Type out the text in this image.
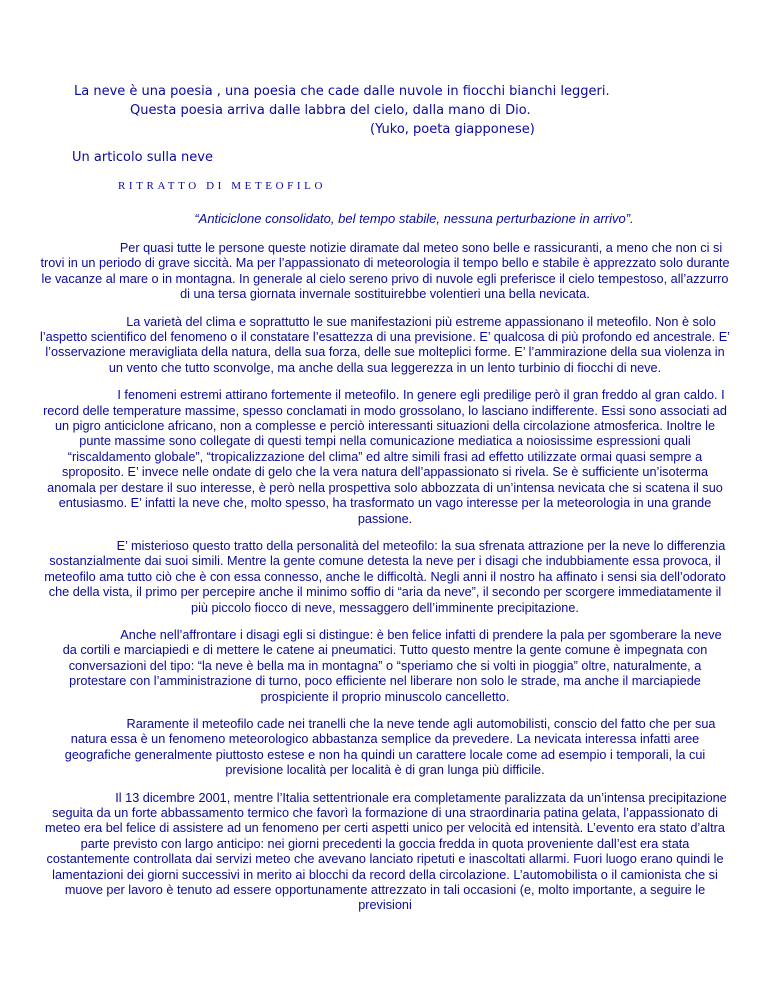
La neve è una poesia , una poesia che cade dalle nuvole in fiocchi bianchi leggeri.
Questa poesia arriva dalle labbra del cielo, dalla mano di Dio.
(Yuko, poeta giapponese)
Un articolo sulla neve
RITRATTO DI METEOFILO
“Anticiclone consolidato, bel tempo stabile, nessuna perturbazione in arrivo”.

Per quasi tutte le persone queste notizie diramate dal meteo sono belle e rassicuranti, a meno che non ci si trovi in un periodo di grave siccità. Ma per l’appassionato di meteorologia il tempo bello e stabile è apprezzato solo durante le vacanze al mare o in montagna. In generale al cielo sereno privo di nuvole egli preferisce il cielo tempestoso, all’azzurro di una tersa giornata invernale sostituirebbe volentieri una bella nevicata.

La varietà del clima e soprattutto le sue manifestazioni più estreme appassionano il meteofilo. Non è solo l’aspetto scientifico del fenomeno o il constatare l’esattezza di una previsione. E’ qualcosa di più profondo ed ancestrale. E’ l’osservazione meravigliata della natura, della sua forza, delle sue molteplici forme. E’ l’ammirazione della sua violenza in un vento che tutto sconvolge, ma anche della sua leggerezza in un lento turbinio di fiocchi di neve.

I fenomeni estremi attirano fortemente il meteofilo. In genere egli predilige però il gran freddo al gran caldo. I record delle temperature massime, spesso conclamati in modo grossolano, lo lasciano indifferente. Essi sono associati ad un pigro anticiclone africano, non a complesse e perciò interessanti situazioni della circolazione atmosferica. Inoltre le punte massime sono collegate di questi tempi nella comunicazione mediatica a noiosissime espressioni quali “riscaldamento globale”, “tropicalizzazione del clima” ed altre simili frasi ad effetto utilizzate ormai quasi sempre a sproposito. E’ invece nelle ondate di gelo che la vera natura dell’appassionato si rivela. Se è sufficiente un’isoterma anomala per destare il suo interesse, è però nella prospettiva solo abbozzata di un’intensa nevicata che si scatena il suo entusiasmo. E’ infatti la neve che, molto spesso, ha trasformato un vago interesse per la meteorologia in una grande passione.

E’ misterioso questo tratto della personalità del meteofilo: la sua sfrenata attrazione per la neve lo differenzia sostanzialmente dai suoi simili. Mentre la gente comune detesta la neve per i disagi che indubbiamente essa provoca, il meteofilo ama tutto ciò che è con essa connesso, anche le difficoltà. Negli anni il nostro ha affinato i sensi sia dell’odorato che della vista, il primo per percepire anche il minimo soffio di “aria da neve”, il secondo per scorgere immediatamente il più piccolo fiocco di neve, messaggero dell’imminente precipitazione.

Anche nell’affrontare i disagi egli si distingue: è ben felice infatti di prendere la pala per sgomberare la neve da cortili e marciapiedi e di mettere le catene ai pneumatici. Tutto questo mentre la gente comune è impegnata con conversazioni del tipo: “la neve è bella ma in montagna” o “speriamo che si volti in pioggia” oltre, naturalmente, a protestare con l’amministrazione di turno, poco efficiente nel liberare non solo le strade, ma anche il marciapiede prospiciente il proprio minuscolo cancelletto.

Raramente il meteofilo cade nei tranelli che la neve tende agli automobilisti, conscio del fatto che per sua natura essa è un fenomeno meteorologico abbastanza semplice da prevedere. La nevicata interessa infatti aree geografiche generalmente piuttosto estese e non ha quindi un carattere locale come ad esempio i temporali, la cui previsione località per località è di gran lunga più difficile.

Il 13 dicembre 2001, mentre l’Italia settentrionale era completamente paralizzata da un’intensa precipitazione seguita da un forte abbassamento termico che favorì la formazione di una straordinaria patina gelata, l’appassionato di meteo era bel felice di assistere ad un fenomeno per certi aspetti unico per velocità ed intensità. L’evento era stato d’altra parte previsto con largo anticipo: nei giorni precedenti la goccia fredda in quota proveniente dall’est era stata costantemente controllata dai servizi meteo che avevano lanciato ripetuti e inascoltati allarmi. Fuori luogo erano quindi le lamentazioni dei giorni successivi in merito ai blocchi da record della circolazione. L’automobilista o il camionista che si muove per lavoro è tenuto ad essere opportunamente attrezzato in tali occasioni (e, molto importante, a seguire le previsioni
